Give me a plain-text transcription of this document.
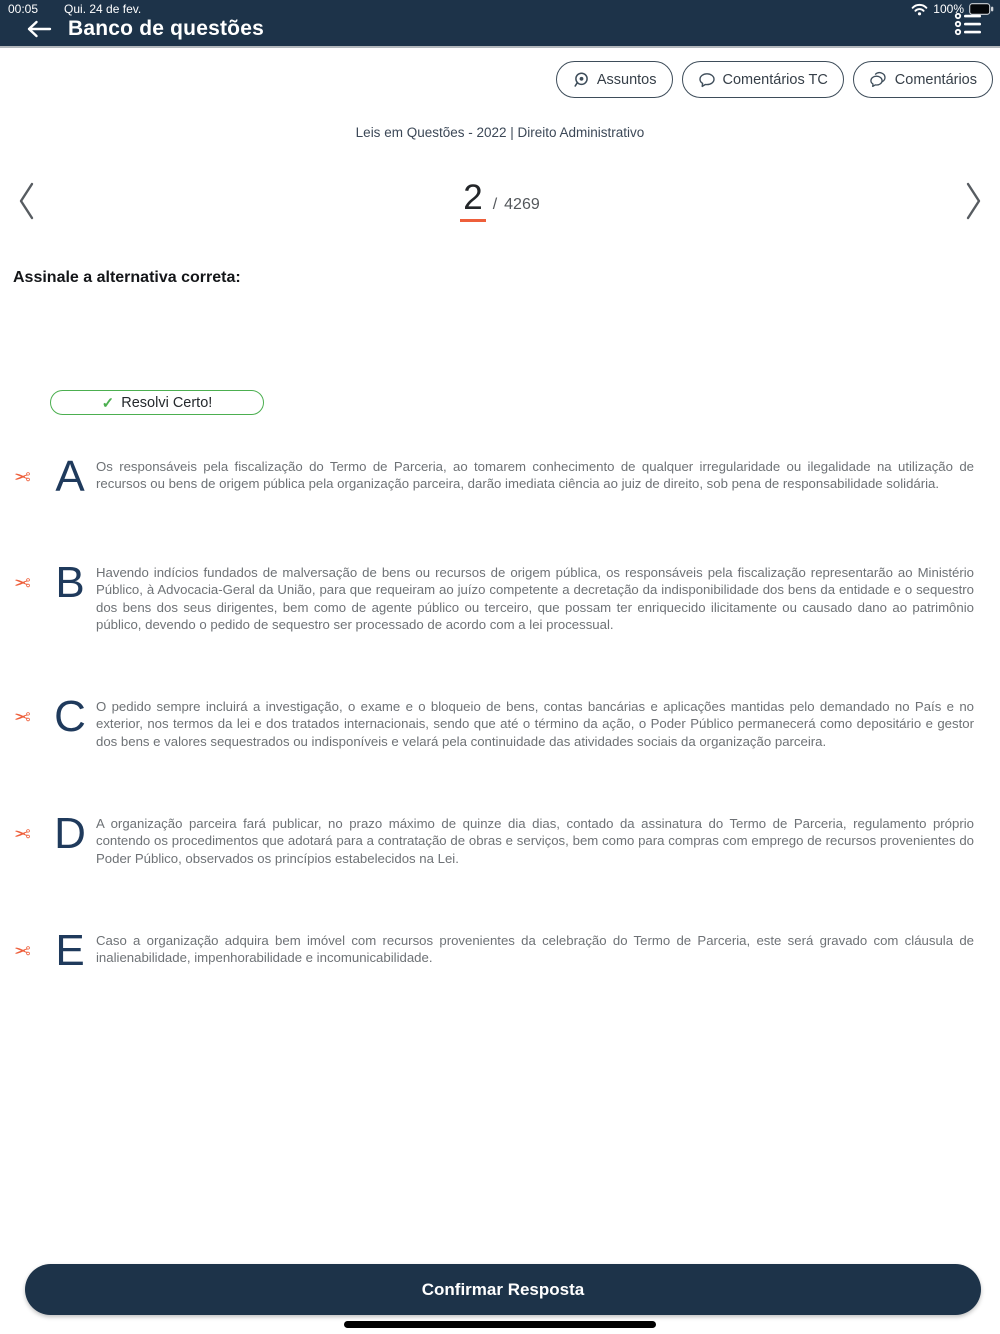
00:05 Qui. 24 de fev.	100%
Banco de questões
Assuntos	Comentários TC	Comentários
Leis em Questões - 2022 | Direito Administrativo
2 / 4269
Assinale a alternativa correta:
✓ Resolvi Certo!
✂ A Os responsáveis pela fiscalização do Termo de Parceria, ao tomarem conhecimento de qualquer irregularidade ou ilegalidade na utilização de recursos ou bens de origem pública pela organização parceira, darão imediata ciência ao juiz de direito, sob pena de responsabilidade solidária.
✂ B Havendo indícios fundados de malversação de bens ou recursos de origem pública, os responsáveis pela fiscalização representarão ao Ministério Público, à Advocacia-Geral da União, para que requeiram ao juízo competente a decretação da indisponibilidade dos bens da entidade e o sequestro dos bens dos seus dirigentes, bem como de agente público ou terceiro, que possam ter enriquecido ilicitamente ou causado dano ao patrimônio público, devendo o pedido de sequestro ser processado de acordo com a lei processual.
✂ C O pedido sempre incluirá a investigação, o exame e o bloqueio de bens, contas bancárias e aplicações mantidas pelo demandado no País e no exterior, nos termos da lei e dos tratados internacionais, sendo que até o término da ação, o Poder Público permanecerá como depositário e gestor dos bens e valores sequestrados ou indisponíveis e velará pela continuidade das atividades sociais da organização parceira.
✂ D A organização parceira fará publicar, no prazo máximo de quinze dia dias, contado da assinatura do Termo de Parceria, regulamento próprio contendo os procedimentos que adotará para a contratação de obras e serviços, bem como para compras com emprego de recursos provenientes do Poder Público, observados os princípios estabelecidos na Lei.
✂ E Caso a organização adquira bem imóvel com recursos provenientes da celebração do Termo de Parceria, este será gravado com cláusula de inalienabilidade, impenhorabilidade e incomunicabilidade.
Confirmar Resposta
